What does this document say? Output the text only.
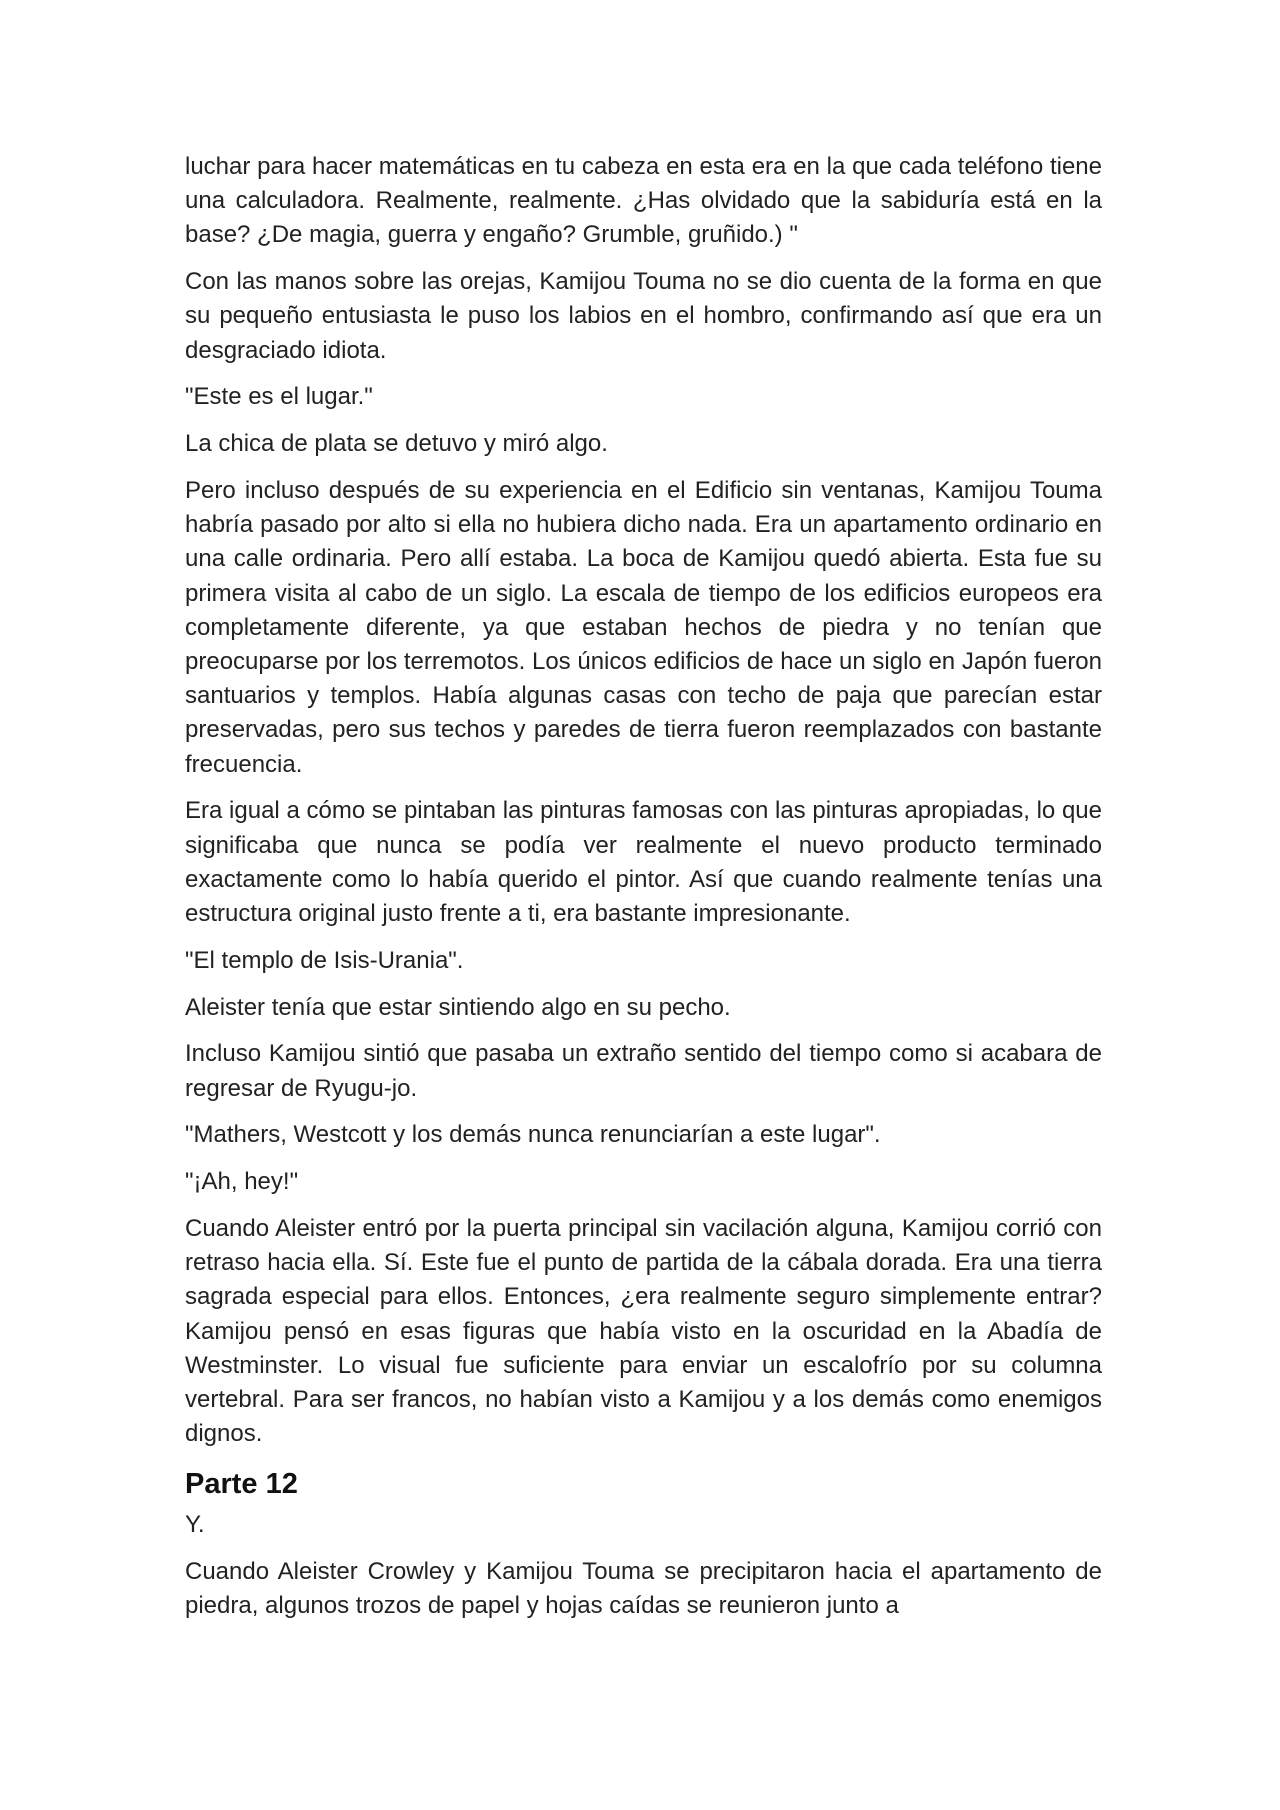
luchar para hacer matemáticas en tu cabeza en esta era en la que cada teléfono tiene una calculadora. Realmente, realmente. ¿Has olvidado que la sabiduría está en la base? ¿De magia, guerra y engaño? Grumble, gruñido.) "

Con las manos sobre las orejas, Kamijou Touma no se dio cuenta de la forma en que su pequeño entusiasta le puso los labios en el hombro, confirmando así que era un desgraciado idiota.

"Este es el lugar."

La chica de plata se detuvo y miró algo.

Pero incluso después de su experiencia en el Edificio sin ventanas, Kamijou Touma habría pasado por alto si ella no hubiera dicho nada. Era un apartamento ordinario en una calle ordinaria. Pero allí estaba. La boca de Kamijou quedó abierta. Esta fue su primera visita al cabo de un siglo. La escala de tiempo de los edificios europeos era completamente diferente, ya que estaban hechos de piedra y no tenían que preocuparse por los terremotos. Los únicos edificios de hace un siglo en Japón fueron santuarios y templos. Había algunas casas con techo de paja que parecían estar preservadas, pero sus techos y paredes de tierra fueron reemplazados con bastante frecuencia.

Era igual a cómo se pintaban las pinturas famosas con las pinturas apropiadas, lo que significaba que nunca se podía ver realmente el nuevo producto terminado exactamente como lo había querido el pintor. Así que cuando realmente tenías una estructura original justo frente a ti, era bastante impresionante.

"El templo de Isis-Urania".

Aleister tenía que estar sintiendo algo en su pecho.

Incluso Kamijou sintió que pasaba un extraño sentido del tiempo como si acabara de regresar de Ryugu-jo.

"Mathers, Westcott y los demás nunca renunciarían a este lugar".

"¡Ah, hey!"

Cuando Aleister entró por la puerta principal sin vacilación alguna, Kamijou corrió con retraso hacia ella. Sí. Este fue el punto de partida de la cábala dorada. Era una tierra sagrada especial para ellos. Entonces, ¿era realmente seguro simplemente entrar? Kamijou pensó en esas figuras que había visto en la oscuridad en la Abadía de Westminster. Lo visual fue suficiente para enviar un escalofrío por su columna vertebral. Para ser francos, no habían visto a Kamijou y a los demás como enemigos dignos.

Parte 12

Y.

Cuando Aleister Crowley y Kamijou Touma se precipitaron hacia el apartamento de piedra, algunos trozos de papel y hojas caídas se reunieron junto a
